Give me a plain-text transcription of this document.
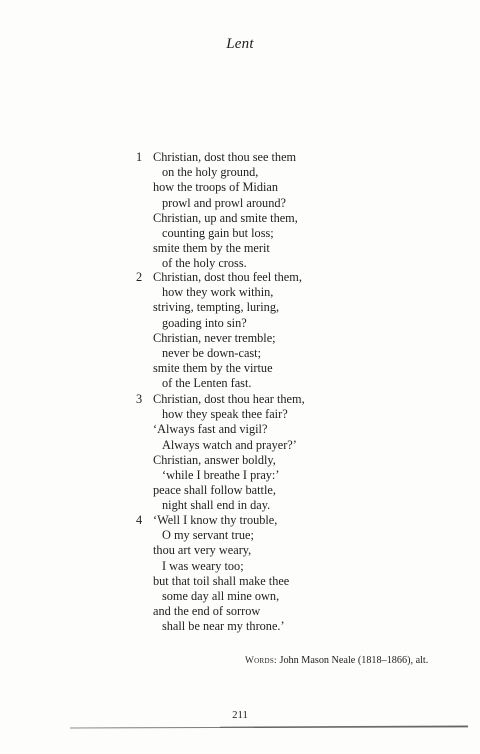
Lent
1 Christian, dost thou see them
on the holy ground,
how the troops of Midian
prowl and prowl around?
Christian, up and smite them,
counting gain but loss;
smite them by the merit
of the holy cross.
2 Christian, dost thou feel them,
how they work within,
striving, tempting, luring,
goading into sin?
Christian, never tremble;
never be down-cast;
smite them by the virtue
of the Lenten fast.
3 Christian, dost thou hear them,
how they speak thee fair?
‘Always fast and vigil?
Always watch and prayer?’
Christian, answer boldly,
‘while I breathe I pray:’
peace shall follow battle,
night shall end in day.
4 ‘Well I know thy trouble,
O my servant true;
thou art very weary,
I was weary too;
but that toil shall make thee
some day all mine own,
and the end of sorrow
shall be near my throne.’
Words: John Mason Neale (1818–1866), alt.
211
